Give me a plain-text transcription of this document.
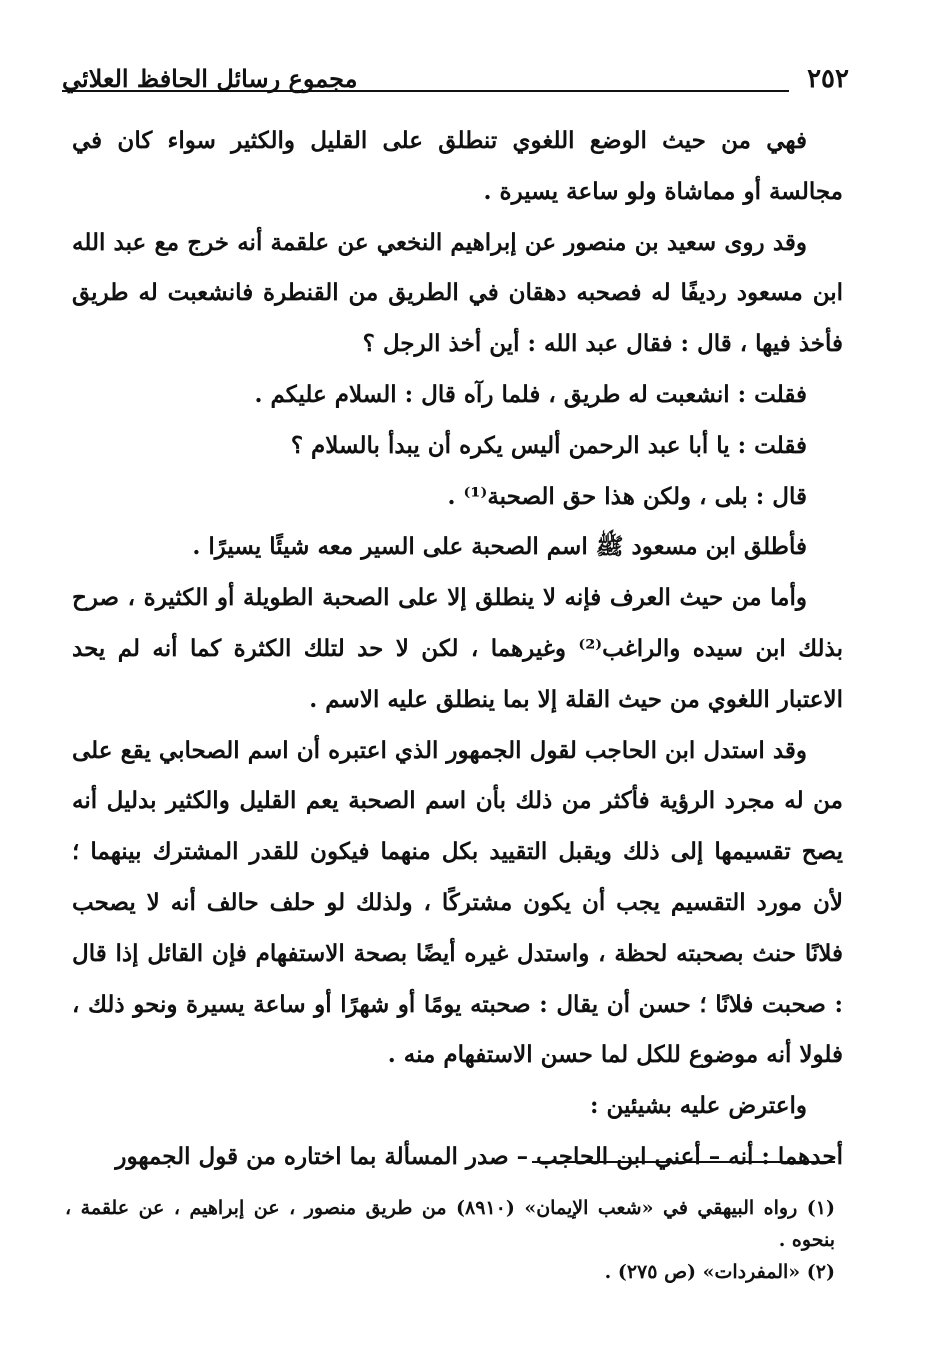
٢٥٢
مجموع رسائل الحافظ العلائي

فهي من حيث الوضع اللغوي تنطلق على القليل والكثير سواء كان في مجالسة أو مماشاة ولو ساعة يسيرة .

وقد روى سعيد بن منصور عن إبراهيم النخعي عن علقمة أنه خرج مع عبد الله ابن مسعود رديفًا له فصحبه دهقان في الطريق من القنطرة فانشعبت له طريق فأخذ فيها ، قال : فقال عبد الله : أين أخذ الرجل ؟

فقلت : انشعبت له طريق ، فلما رآه قال : السلام عليكم .

فقلت : يا أبا عبد الرحمن أليس يكره أن يبدأ بالسلام ؟

قال : بلى ، ولكن هذا حق الصحبة⁽¹⁾ .

فأطلق ابن مسعود ﷺ اسم الصحبة على السير معه شيئًا يسيرًا .

وأما من حيث العرف فإنه لا ينطلق إلا على الصحبة الطويلة أو الكثيرة ، صرح بذلك ابن سيده والراغب⁽²⁾ وغيرهما ، لكن لا حد لتلك الكثرة كما أنه لم يحد الاعتبار اللغوي من حيث القلة إلا بما ينطلق عليه الاسم .

وقد استدل ابن الحاجب لقول الجمهور الذي اعتبره أن اسم الصحابي يقع على من له مجرد الرؤية فأكثر من ذلك بأن اسم الصحبة يعم القليل والكثير بدليل أنه يصح تقسيمها إلى ذلك ويقبل التقييد بكل منهما فيكون للقدر المشترك بينهما ؛ لأن مورد التقسيم يجب أن يكون مشتركًا ، ولذلك لو حلف حالف أنه لا يصحب فلانًا حنث بصحبته لحظة ، واستدل غيره أيضًا بصحة الاستفهام فإن القائل إذا قال : صحبت فلانًا ؛ حسن أن يقال : صحبته يومًا أو شهرًا أو ساعة يسيرة ونحو ذلك ، فلولا أنه موضوع للكل لما حسن الاستفهام منه .

واعترض عليه بشيئين :

أحدهما : أنه – أعني ابن الحاجب – صدر المسألة بما اختاره من قول الجمهور

(١) رواه البيهقي في «شعب الإيمان» (٨٩١٠) من طريق منصور ، عن إبراهيم ، عن علقمة ، بنحوه .

(٢) «المفردات» (ص ٢٧٥) .
